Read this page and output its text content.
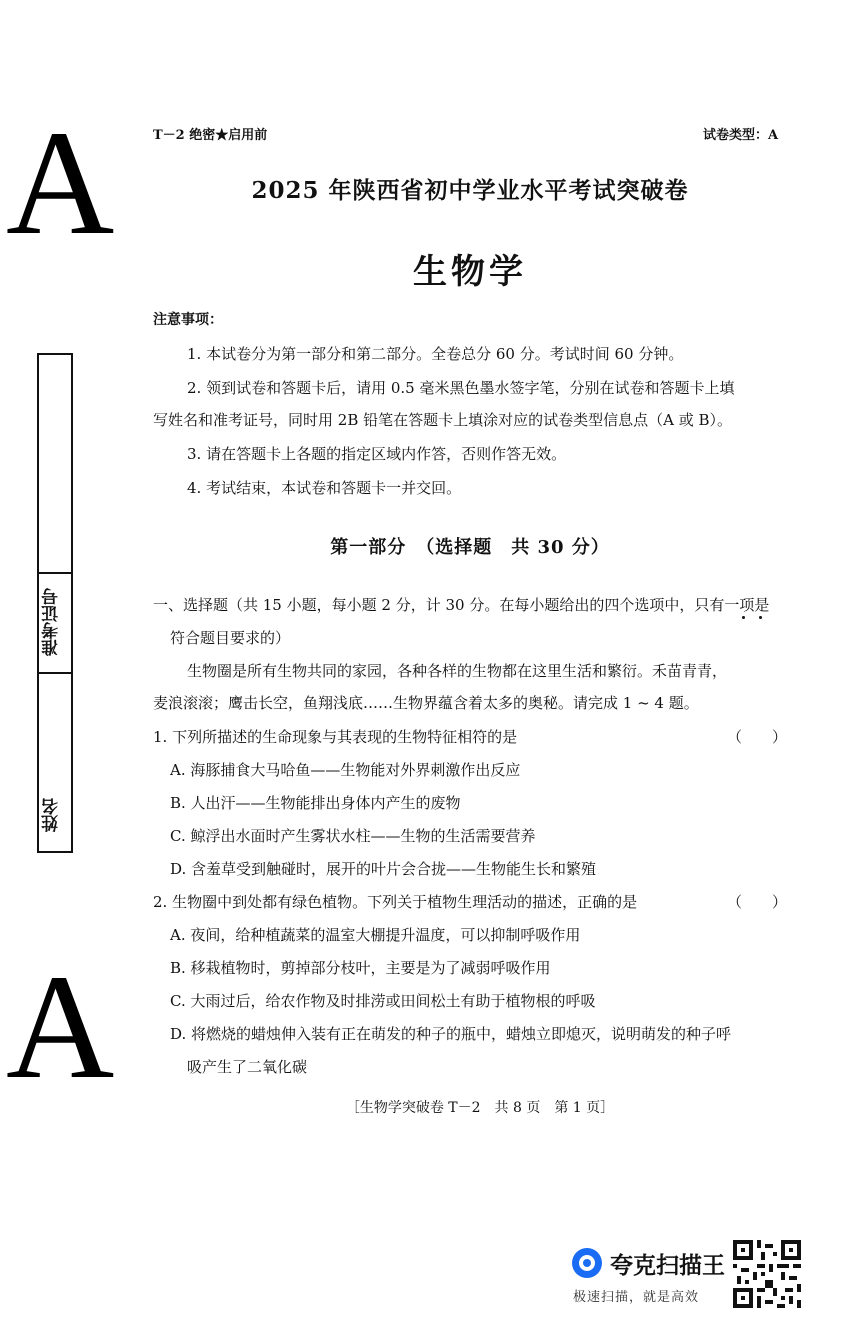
A
A
准考证号
姓名
T－2 绝密★启用前	试卷类型：A
2025 年陕西省初中学业水平考试突破卷
生物学
注意事项：
1. 本试卷分为第一部分和第二部分。全卷总分 60 分。考试时间 60 分钟。
2. 领到试卷和答题卡后，请用 0.5 毫米黑色墨水签字笔，分别在试卷和答题卡上填
写姓名和准考证号，同时用 2B 铅笔在答题卡上填涂对应的试卷类型信息点（A 或 B）。
3. 请在答题卡上各题的指定区域内作答，否则作答无效。
4. 考试结束，本试卷和答题卡一并交回。
第一部分　（选择题　共 30 分）
一、选择题（共 15 小题，每小题 2 分，计 30 分。在每小题给出的四个选项中，只有一项是
符合题目要求的）
生物圈是所有生物共同的家园，各种各样的生物都在这里生活和繁衍。禾苗青青，
麦浪滚滚；鹰击长空，鱼翔浅底……生物界蕴含着太多的奥秘。请完成 1 ~ 4 题。
1. 下列所描述的生命现象与其表现的生物特征相符的是	（　　）
A. 海豚捕食大马哈鱼——生物能对外界刺激作出反应
B. 人出汗——生物能排出身体内产生的废物
C. 鲸浮出水面时产生雾状水柱——生物的生活需要营养
D. 含羞草受到触碰时，展开的叶片会合拢——生物能生长和繁殖
2. 生物圈中到处都有绿色植物。下列关于植物生理活动的描述，正确的是	（　　）
A. 夜间，给种植蔬菜的温室大棚提升温度，可以抑制呼吸作用
B. 移栽植物时，剪掉部分枝叶，主要是为了减弱呼吸作用
C. 大雨过后，给农作物及时排涝或田间松土有助于植物根的呼吸
D. 将燃烧的蜡烛伸入装有正在萌发的种子的瓶中，蜡烛立即熄灭，说明萌发的种子呼
吸产生了二氧化碳
［生物学突破卷 T－2　共 8 页　第 1 页］
夸克扫描王
极速扫描，就是高效
